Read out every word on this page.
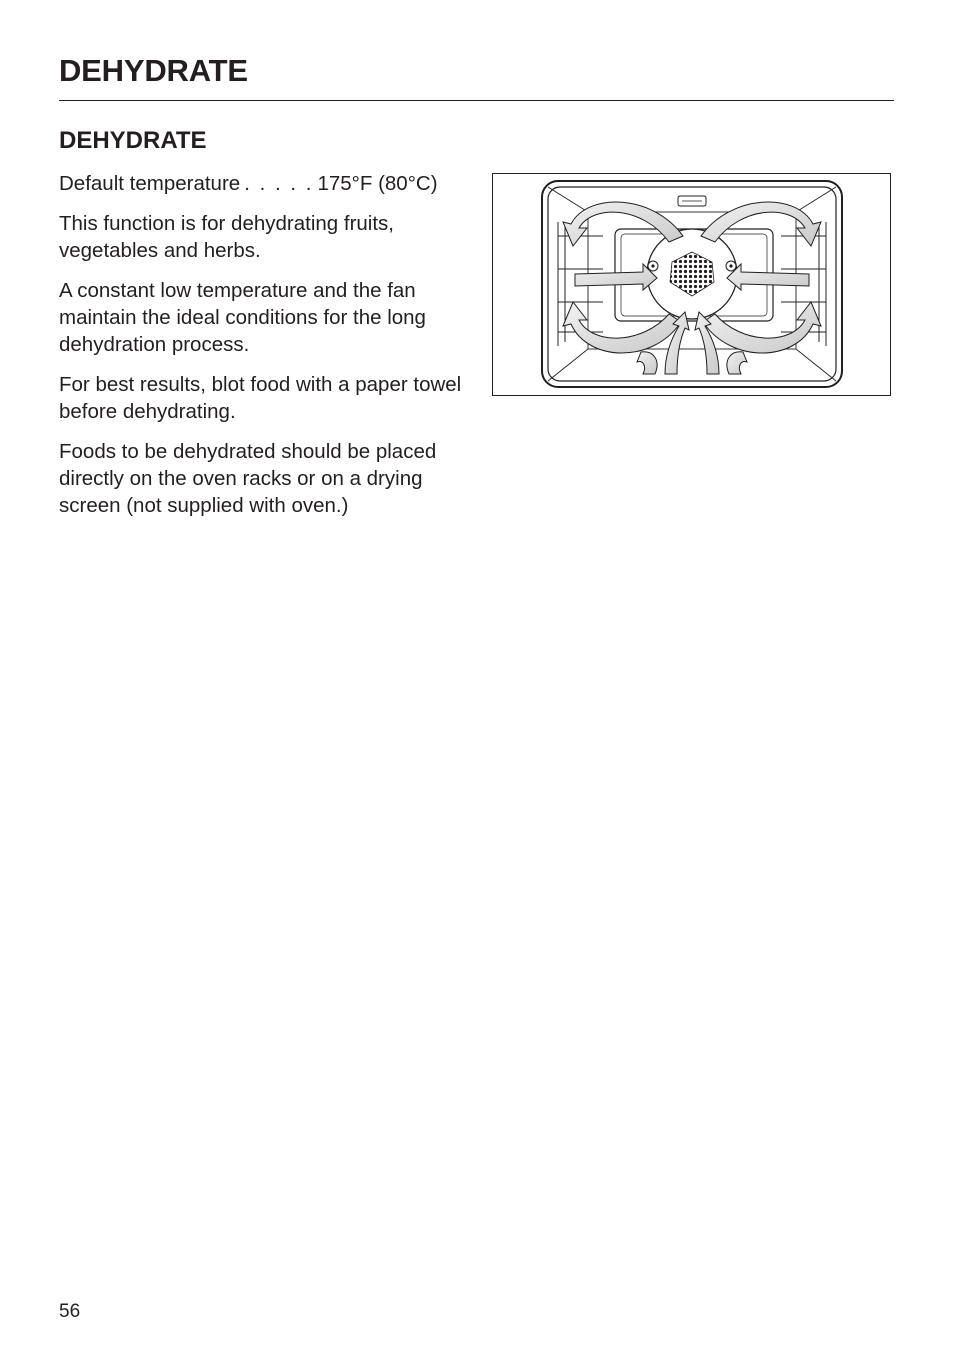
DEHYDRATE
DEHYDRATE

Default temperature . . . . . 175°F (80°C)

This function is for dehydrating fruits, vegetables and herbs.

A constant low temperature and the fan maintain the ideal conditions for the long dehydration process.

For best results, blot food with a paper towel before dehydrating.

Foods to be dehydrated should be placed directly on the oven racks or on a drying screen (not supplied with oven.)

56
